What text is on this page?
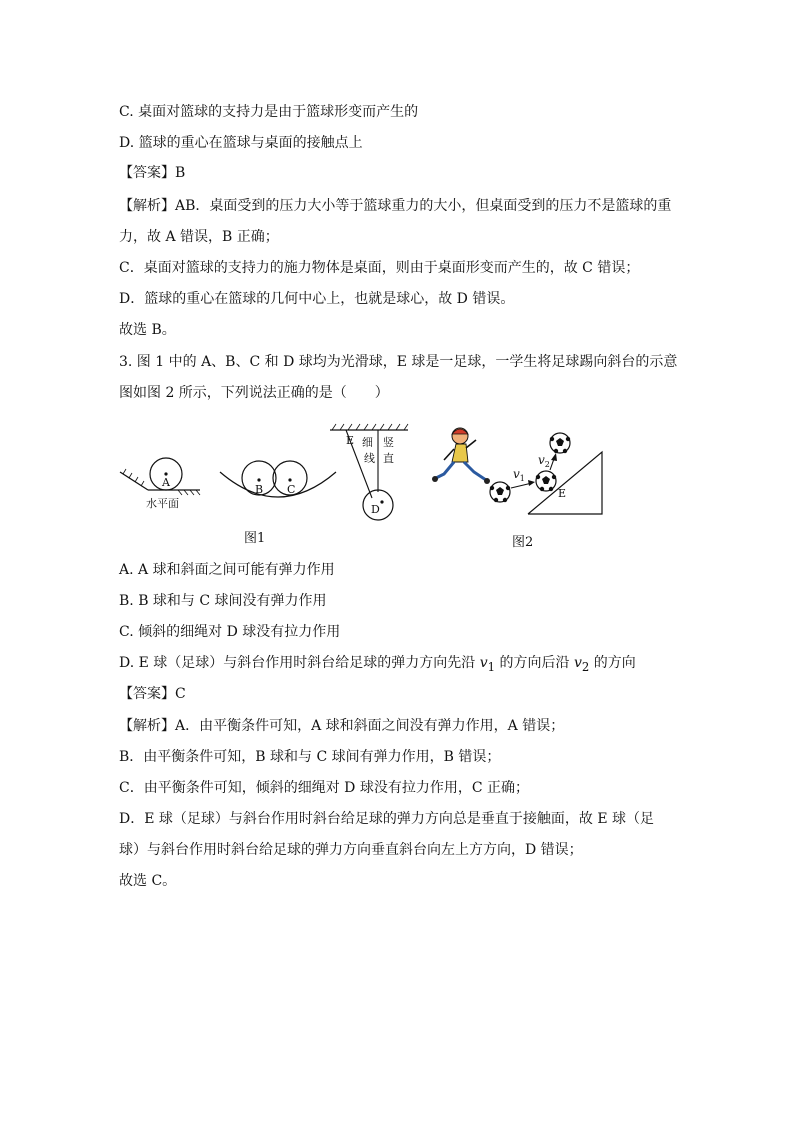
C. 桌面对篮球的支持力是由于篮球形变而产生的
D. 篮球的重心在篮球与桌面的接触点上
【答案】B
【解析】AB．桌面受到的压力大小等于篮球重力的大小，但桌面受到的压力不是篮球的重
力，故 A 错误，B 正确；
C．桌面对篮球的支持力的施力物体是桌面，则由于桌面形变而产生的，故 C 错误；
D．篮球的重心在篮球的几何中心上，也就是球心，故 D 错误。
故选 B。
3. 图 1 中的 A、B、C 和 D 球均为光滑球，E 球是一足球，一学生将足球踢向斜台的示意
图如图 2 所示，下列说法正确的是（　　）
A
水平面
B C
D
E 细
线
竖
直
图1
$v_1$
$v_2$
E
图2
A. A 球和斜面之间可能有弹力作用
B. B 球和与 C 球间没有弹力作用
C. 倾斜的细绳对 D 球没有拉力作用
D. E 球（足球）与斜台作用时斜台给足球的弹力方向先沿 $v_1$ 的方向后沿 $v_2$ 的方向
【答案】C
【解析】A．由平衡条件可知，A 球和斜面之间没有弹力作用，A 错误；
B．由平衡条件可知，B 球和与 C 球间有弹力作用，B 错误；
C．由平衡条件可知，倾斜的细绳对 D 球没有拉力作用，C 正确；
D．E 球（足球）与斜台作用时斜台给足球的弹力方向总是垂直于接触面，故 E 球（足
球）与斜台作用时斜台给足球的弹力方向垂直斜台向左上方方向，D 错误；
故选 C。
